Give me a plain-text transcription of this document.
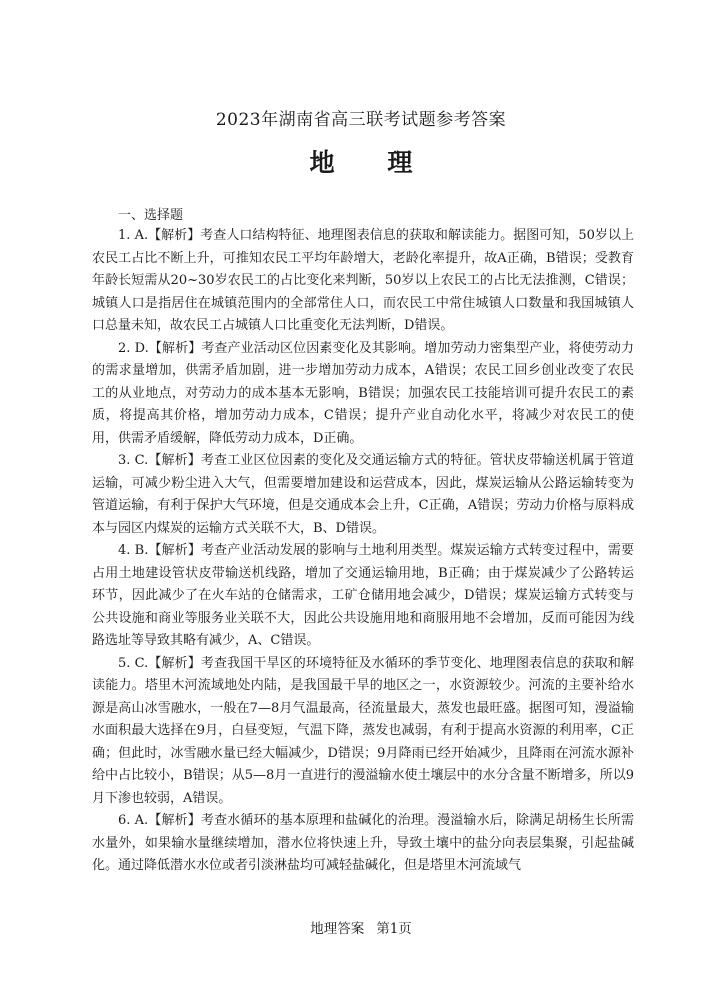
2023年湖南省高三联考试题参考答案
地 理
一、选择题

1. A.【解析】考查人口结构特征、地理图表信息的获取和解读能力。据图可知，50岁以上农民工占比不断上升，可推知农民工平均年龄增大，老龄化率提升，故A正确，B错误；受教育年龄长短需从20~30岁农民工的占比变化来判断，50岁以上农民工的占比无法推测，C错误；城镇人口是指居住在城镇范围内的全部常住人口，而农民工中常住城镇人口数量和我国城镇人口总量未知，故农民工占城镇人口比重变化无法判断，D错误。

2. D.【解析】考查产业活动区位因素变化及其影响。增加劳动力密集型产业，将使劳动力的需求量增加，供需矛盾加剧，进一步增加劳动力成本，A错误；农民工回乡创业改变了农民工的从业地点，对劳动力的成本基本无影响，B错误；加强农民工技能培训可提升农民工的素质，将提高其价格，增加劳动力成本，C错误；提升产业自动化水平，将减少对农民工的使用，供需矛盾缓解，降低劳动力成本，D正确。

3. C.【解析】考查工业区位因素的变化及交通运输方式的特征。管状皮带输送机属于管道运输，可减少粉尘进入大气，但需要增加建设和运营成本，因此，煤炭运输从公路运输转变为管道运输，有利于保护大气环境，但是交通成本会上升，C正确，A错误；劳动力价格与原料成本与园区内煤炭的运输方式关联不大，B、D错误。

4. B.【解析】考查产业活动发展的影响与土地利用类型。煤炭运输方式转变过程中，需要占用土地建设管状皮带输送机线路，增加了交通运输用地，B正确；由于煤炭减少了公路转运环节，因此减少了在火车站的仓储需求，工矿仓储用地会减少，D错误；煤炭运输方式转变与公共设施和商业等服务业关联不大，因此公共设施用地和商服用地不会增加，反而可能因为线路选址等导致其略有减少，A、C错误。

5. C.【解析】考查我国干旱区的环境特征及水循环的季节变化、地理图表信息的获取和解读能力。塔里木河流域地处内陆，是我国最干旱的地区之一，水资源较少。河流的主要补给水源是高山冰雪融水，一般在7—8月气温最高，径流量最大，蒸发也最旺盛。据图可知，漫溢输水面积最大选择在9月，白昼变短，气温下降，蒸发也减弱，有利于提高水资源的利用率，C正确；但此时，冰雪融水量已经大幅减少，D错误；9月降雨已经开始减少，且降雨在河流水源补给中占比较小，B错误；从5—8月一直进行的漫溢输水使土壤层中的水分含量不断增多，所以9月下渗也较弱，A错误。

6. A.【解析】考查水循环的基本原理和盐碱化的治理。漫溢输水后，除满足胡杨生长所需水量外，如果输水量继续增加，潜水位将快速上升，导致土壤中的盐分向表层集聚，引起盐碱化。通过降低潜水水位或者引淡淋盐均可减轻盐碱化，但是塔里木河流域气

地理答案 第1页
